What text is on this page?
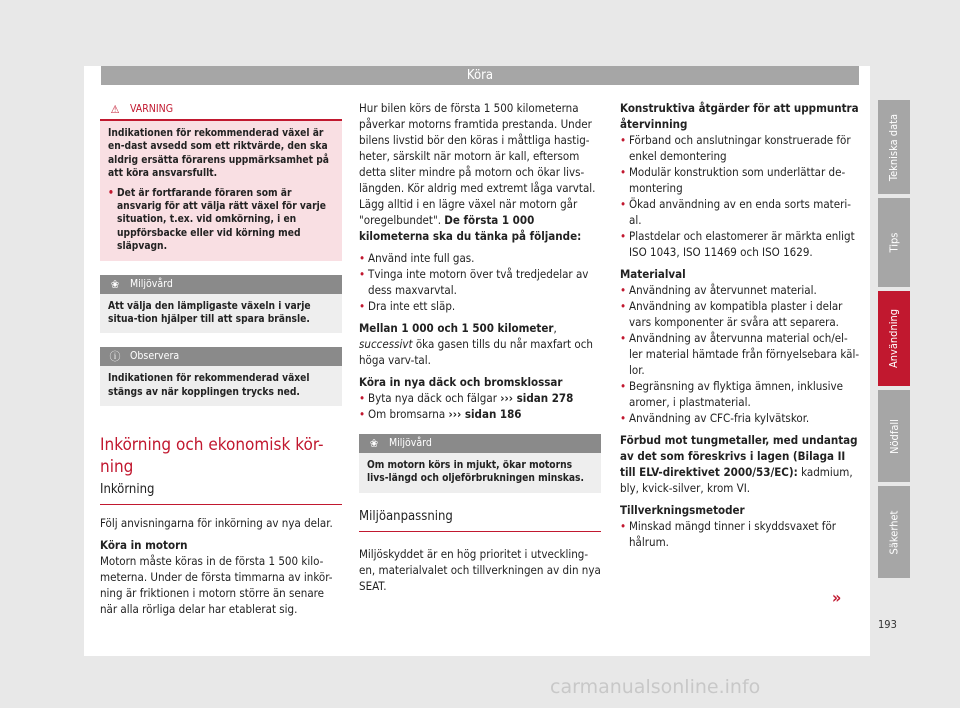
Köra
⚠ VARNING

Indikationen för rekommenderad växel är en-dast avsedd som ett riktvärde, den ska aldrig ersätta förarens uppmärksamhet på att köra ansvarsfullt.

• Det är fortfarande föraren som är ansvarig för att välja rätt växel för varje situation, t.ex. vid omkörning, i en uppförsbacke eller vid körning med släpvagn.
❀ Miljövård
Att välja den lämpligaste växeln i varje situa-tion hjälper till att spara bränsle.
ⓘ Observera
Indikationen för rekommenderad växel stängs av när kopplingen trycks ned.
Inkörning och ekonomisk kör-ning
Inkörning

Följ anvisningarna för inkörning av nya delar.

Köra in motorn

Motorn måste köras in de första 1 500 kilo-meterna. Under de första timmarna av inkör-ning är friktionen i motorn större än senare när alla rörliga delar har etablerat sig.

Hur bilen körs de första 1 500 kilometerna påverkar motorns framtida prestanda. Under bilens livstid bör den köras i måttliga hastig-heter, särskilt när motorn är kall, eftersom detta sliter mindre på motorn och ökar livs-längden. Kör aldrig med extremt låga varvtal. Lägg alltid i en lägre växel när motorn går "oregelbundet". De första 1 000 kilometerna ska du tänka på följande:

• Använd inte full gas.
• Tvinga inte motorn över två tredjedelar av dess maxvarvtal.
• Dra inte ett släp.

Mellan 1 000 och 1 500 kilometer, successivt öka gasen tills du når maxfart och höga varv-tal.

Köra in nya däck och bromsklossar
• Byta nya däck och fälgar ››› sidan 278
• Om bromsarna ››› sidan 186
❀ Miljövård
Om motorn körs in mjukt, ökar motorns livs-längd och oljeförbrukningen minskas.
Miljöanpassning

Miljöskyddet är en hög prioritet i utveckling-en, materialvalet och tillverkningen av din nya SEAT.

Konstruktiva åtgärder för att uppmuntra återvinning
• Förband och anslutningar konstruerade för enkel demontering
• Modulär konstruktion som underlättar de-montering
• Ökad användning av en enda sorts materi-al.
• Plastdelar och elastomerer är märkta enligt ISO 1043, ISO 11469 och ISO 1629.
Materialval
• Användning av återvunnet material.
• Användning av kompatibla plaster i delar vars komponenter är svåra att separera.
• Användning av återvunna material och/el-ler material hämtade från förnyelsebara käl-lor.
• Begränsning av flyktiga ämnen, inklusive aromer, i plastmaterial.
• Användning av CFC-fria kylvätskor.

Förbud mot tungmetaller, med undantag av det som föreskrivs i lagen (Bilaga II till ELV-direktivet 2000/53/EC): kadmium, bly, kvick-silver, krom VI.

Tillverkningsmetoder
• Minskad mängd tinner i skyddsvaxet för hålrum.
»
Tekniska data
Tips
Användning
Nödfall
Säkerhet
193
carmanualsonline.info
